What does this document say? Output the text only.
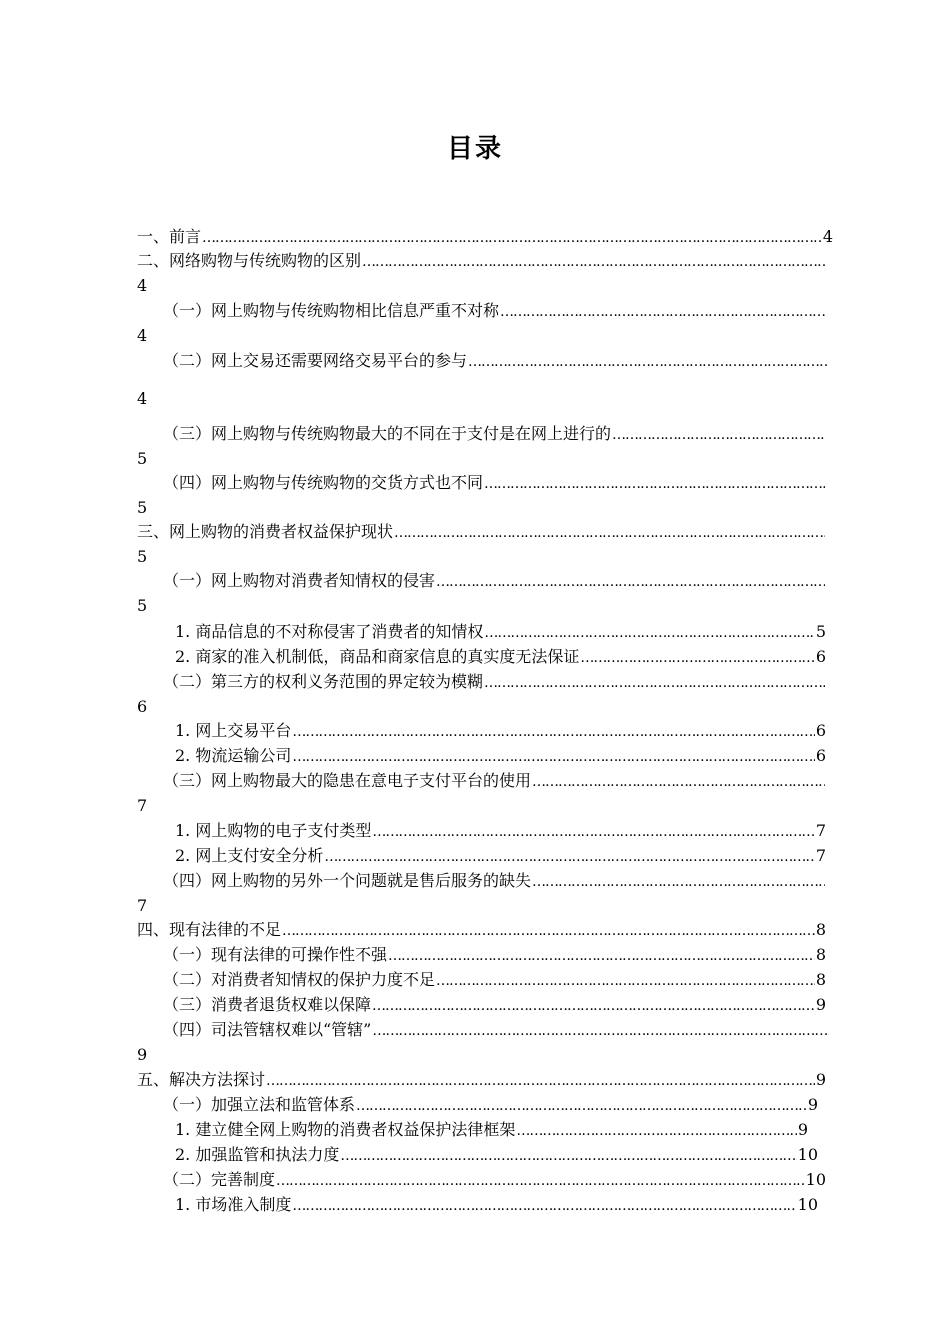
目录
一、前言 ………………………………………………………………………………………………………………………………………………………………………………………………	4
二、网络购物与传统购物的区别
………………………………………………………………………………………………………………………………………………………………………………………………
4
（一）网上购物与传统购物相比信息严重不对称
………………………………………………………………………………………………………………………………………………………………………………………………
4
（二）网上交易还需要网络交易平台的参与
………………………………………………………………………………………………………………………………………………………………………………………………
4
（三）网上购物与传统购物最大的不同在于支付是在网上进行的
………………………………………………………………………………………………………………………………………………………………………………………………
5
（四）网上购物与传统购物的交货方式也不同
………………………………………………………………………………………………………………………………………………………………………………………………
5
三、网上购物的消费者权益保护现状
………………………………………………………………………………………………………………………………………………………………………………………………
5
（一）网上购物对消费者知情权的侵害
………………………………………………………………………………………………………………………………………………………………………………………………
5
1. 商品信息的不对称侵害了消费者的知情权 ………………………………………………………………………………………………………………………………………………………………………………………………	5
2. 商家的准入机制低，商品和商家信息的真实度无法保证 ………………………………………………………………………………………………………………………………………………………………………………………………	6
（二）第三方的权利义务范围的界定较为模糊
………………………………………………………………………………………………………………………………………………………………………………………………
6
1. 网上交易平台 ………………………………………………………………………………………………………………………………………………………………………………………………	6
2. 物流运输公司 ………………………………………………………………………………………………………………………………………………………………………………………………	6
（三）网上购物最大的隐患在意电子支付平台的使用
………………………………………………………………………………………………………………………………………………………………………………………………
7
1. 网上购物的电子支付类型 ………………………………………………………………………………………………………………………………………………………………………………………………	7
2. 网上支付安全分析 ………………………………………………………………………………………………………………………………………………………………………………………………	7
（四）网上购物的另外一个问题就是售后服务的缺失
………………………………………………………………………………………………………………………………………………………………………………………………
7
四、现有法律的不足 ………………………………………………………………………………………………………………………………………………………………………………………………	8
（一）现有法律的可操作性不强 ………………………………………………………………………………………………………………………………………………………………………………………………	8
（二）对消费者知情权的保护力度不足 ………………………………………………………………………………………………………………………………………………………………………………………………	8
（三）消费者退货权难以保障 ………………………………………………………………………………………………………………………………………………………………………………………………	9
（四）司法管辖权难以“管辖”
………………………………………………………………………………………………………………………………………………………………………………………………
9
五、解决方法探讨 ………………………………………………………………………………………………………………………………………………………………………………………………	9
（一）加强立法和监管体系 ………………………………………………………………………………………………………………………………………………………………………………………………	9
1. 建立健全网上购物的消费者权益保护法律框架 ………………………………………………………………………………………………………………………………………………………………………………………………	9
2. 加强监管和执法力度 ………………………………………………………………………………………………………………………………………………………………………………………………	10
（二）完善制度 ………………………………………………………………………………………………………………………………………………………………………………………………	10
1. 市场准入制度 ………………………………………………………………………………………………………………………………………………………………………………………………	10
